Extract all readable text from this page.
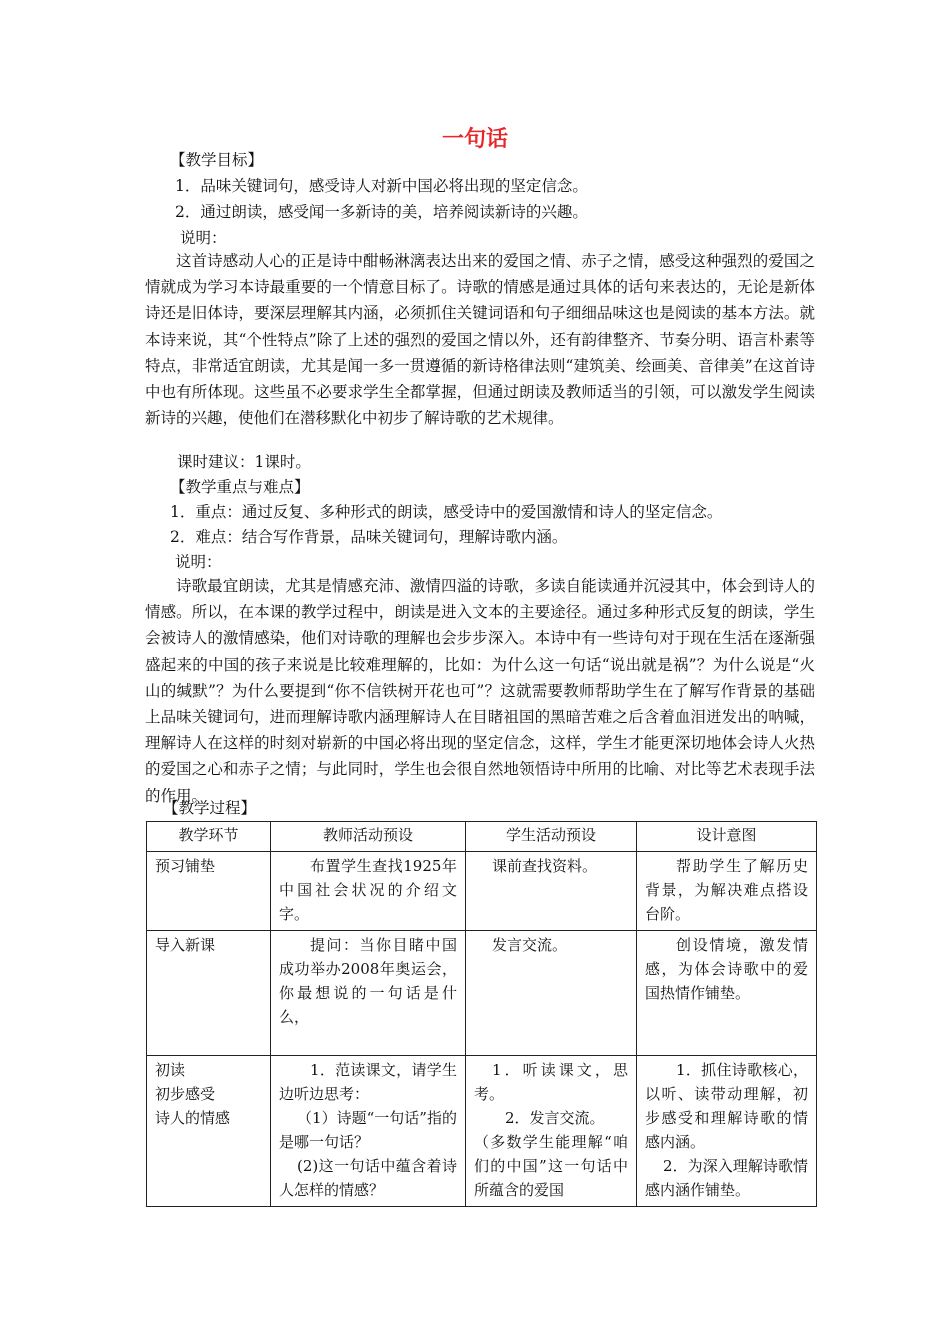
一句话
【教学目标】
1．品味关键词句，感受诗人对新中国必将出现的坚定信念。
2．通过朗读，感受闻一多新诗的美，培养阅读新诗的兴趣。
说明：
这首诗感动人心的正是诗中酣畅淋漓表达出来的爱国之情、赤子之情，感受这种强烈的爱国之情就成为学习本诗最重要的一个情意目标了。诗歌的情感是通过具体的话句来表达的，无论是新体诗还是旧体诗，要深层理解其内涵，必须抓住关键词语和句子细细品味这也是阅读的基本方法。就本诗来说，其“个性特点”除了上述的强烈的爱国之情以外，还有韵律整齐、节奏分明、语言朴素等特点，非常适宜朗读，尤其是闻一多一贯遵循的新诗格律法则“建筑美、绘画美、音律美”在这首诗中也有所体现。这些虽不必要求学生全都掌握，但通过朗读及教师适当的引领，可以激发学生阅读新诗的兴趣，使他们在潜移默化中初步了解诗歌的艺术规律。
课时建议：1课时。
【教学重点与难点】
1．重点：通过反复、多种形式的朗读，感受诗中的爱国激情和诗人的坚定信念。
2．难点：结合写作背景，品味关键词句，理解诗歌内涵。
说明：
诗歌最宜朗读，尤其是情感充沛、激情四溢的诗歌，多读自能读通并沉浸其中，体会到诗人的情感。所以，在本课的教学过程中，朗读是进入文本的主要途径。通过多种形式反复的朗读，学生会被诗人的激情感染，他们对诗歌的理解也会步步深入。本诗中有一些诗句对于现在生活在逐渐强盛起来的中国的孩子来说是比较难理解的，比如：为什么这一句话“说出就是祸”？为什么说是“火山的缄默”？为什么要提到“你不信铁树开花也可”？这就需要教师帮助学生在了解写作背景的基础上品味关键词句，进而理解诗歌内涵理解诗人在目睹祖国的黑暗苦难之后含着血泪迸发出的呐喊，理解诗人在这样的时刻对崭新的中国必将出现的坚定信念，这样，学生才能更深切地体会诗人火热的爱国之心和赤子之情；与此同时，学生也会很自然地领悟诗中所用的比喻、对比等艺术表现手法的作用。
【教学过程】
教学环节	教师活动预设	学生活动预设	设计意图

预习铺垫	布置学生查找1925年中国社会状况的介绍文字。	课前查找资料。	帮助学生了解历史背景，为解决难点搭设台阶。

导入新课	提问：当你目睹中国成功举办2008年奥运会，你最想说的一句话是什么，	发言交流。	创设情境，激发情感，为体会诗歌中的爱国热情作铺垫。

初读
初步感受
诗人的情感	1．范读课文，请学生边听边思考：
（1）诗题“一句话”指的是哪一句话？
(2)这一句话中蕴含着诗人怎样的情感？	1．听读课文，思考。
2．发言交流。
（多数学生能理解“咱们的中国”这一句话中所蕴含的爱国	1．抓住诗歌核心，以听、读带动理解，初步感受和理解诗歌的情感内涵。
2．为深入理解诗歌情感内涵作铺垫。
